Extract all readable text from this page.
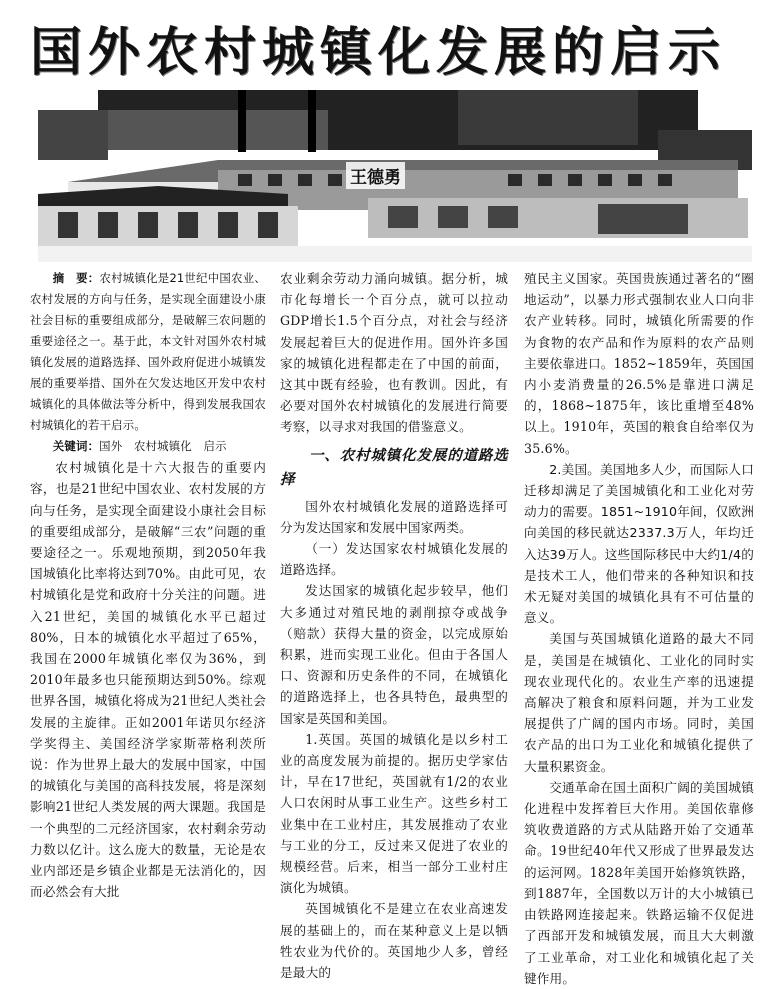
国外农村城镇化发展的启示
王德勇

摘　要：农村城镇化是21世纪中国农业、农村发展的方向与任务，是实现全面建设小康社会目标的重要组成部分，是破解三农问题的重要途径之一。基于此，本文针对国外农村城镇化发展的道路选择、国外政府促进小城镇发展的重要举措、国外在欠发达地区开发中农村城镇化的具体做法等分析中，得到发展我国农村城镇化的若干启示。

关键词：国外　农村城镇化　启示

农村城镇化是十六大报告的重要内容，也是21世纪中国农业、农村发展的方向与任务，是实现全面建设小康社会目标的重要组成部分，是破解“三农”问题的重要途径之一。乐观地预期，到2050年我国城镇化比率将达到70%。由此可见，农村城镇化是党和政府十分关注的问题。进入21世纪，美国的城镇化水平已超过80%，日本的城镇化水平超过了65%，我国在2000年城镇化率仅为36%，到2010年最多也只能预期达到50%。综观世界各国，城镇化将成为21世纪人类社会发展的主旋律。正如2001年诺贝尔经济学奖得主、美国经济学家斯蒂格利茨所说：作为世界上最大的发展中国家，中国的城镇化与美国的高科技发展，将是深刻影响21世纪人类发展的两大课题。我国是一个典型的二元经济国家，农村剩余劳动力数以亿计。这么庞大的数量，无论是农业内部还是乡镇企业都是无法消化的，因而必然会有大批

农业剩余劳动力涌向城镇。据分析，城市化每增长一个百分点，就可以拉动GDP增长1.5个百分点，对社会与经济发展起着巨大的促进作用。国外许多国家的城镇化进程都走在了中国的前面，这其中既有经验，也有教训。因此，有必要对国外农村城镇化的发展进行简要考察，以寻求对我国的借鉴意义。

一、农村城镇化发展的道路选择

国外农村城镇化发展的道路选择可分为发达国家和发展中国家两类。

（一）发达国家农村城镇化发展的道路选择。

发达国家的城镇化起步较早，他们大多通过对殖民地的剥削掠夺或战争（赔款）获得大量的资金，以完成原始积累，进而实现工业化。但由于各国人口、资源和历史条件的不同，在城镇化的道路选择上，也各具特色，最典型的国家是英国和美国。

1.英国。英国的城镇化是以乡村工业的高度发展为前提的。据历史学家估计，早在17世纪，英国就有1/2的农业人口农闲时从事工业生产。这些乡村工业集中在工业村庄，其发展推动了农业与工业的分工，反过来又促进了农业的规模经营。后来，相当一部分工业村庄演化为城镇。

英国城镇化不是建立在农业高速发展的基础上的，而在某种意义上是以牺牲农业为代价的。英国地少人多，曾经是最大的

殖民主义国家。英国贵族通过著名的“圈地运动”，以暴力形式强制农业人口向非农产业转移。同时，城镇化所需要的作为食物的农产品和作为原料的农产品则主要依靠进口。1852~1859年，英国国内小麦消费量的26.5%是靠进口满足的，1868~1875年，该比重增至48%以上。1910年，英国的粮食自给率仅为35.6%。

2.美国。美国地多人少，而国际人口迁移却满足了美国城镇化和工业化对劳动力的需要。1851~1910年间，仅欧洲向美国的移民就达2337.3万人，年均迁入达39万人。这些国际移民中大约1/4的是技术工人，他们带来的各种知识和技术无疑对美国的城镇化具有不可估量的意义。

美国与英国城镇化道路的最大不同是，美国是在城镇化、工业化的同时实现农业现代化的。农业生产率的迅速提高解决了粮食和原料问题，并为工业发展提供了广阔的国内市场。同时，美国农产品的出口为工业化和城镇化提供了大量积累资金。

交通革命在国土面积广阔的美国城镇化进程中发挥着巨大作用。美国依靠修筑收费道路的方式从陆路开始了交通革命。19世纪40年代又形成了世界最发达的运河网。1828年美国开始修筑铁路，到1887年，全国数以万计的大小城镇已由铁路网连接起来。铁路运输不仅促进了西部开发和城镇发展，而且大大刺激了工业革命，对工业化和城镇化起了关键作用。
